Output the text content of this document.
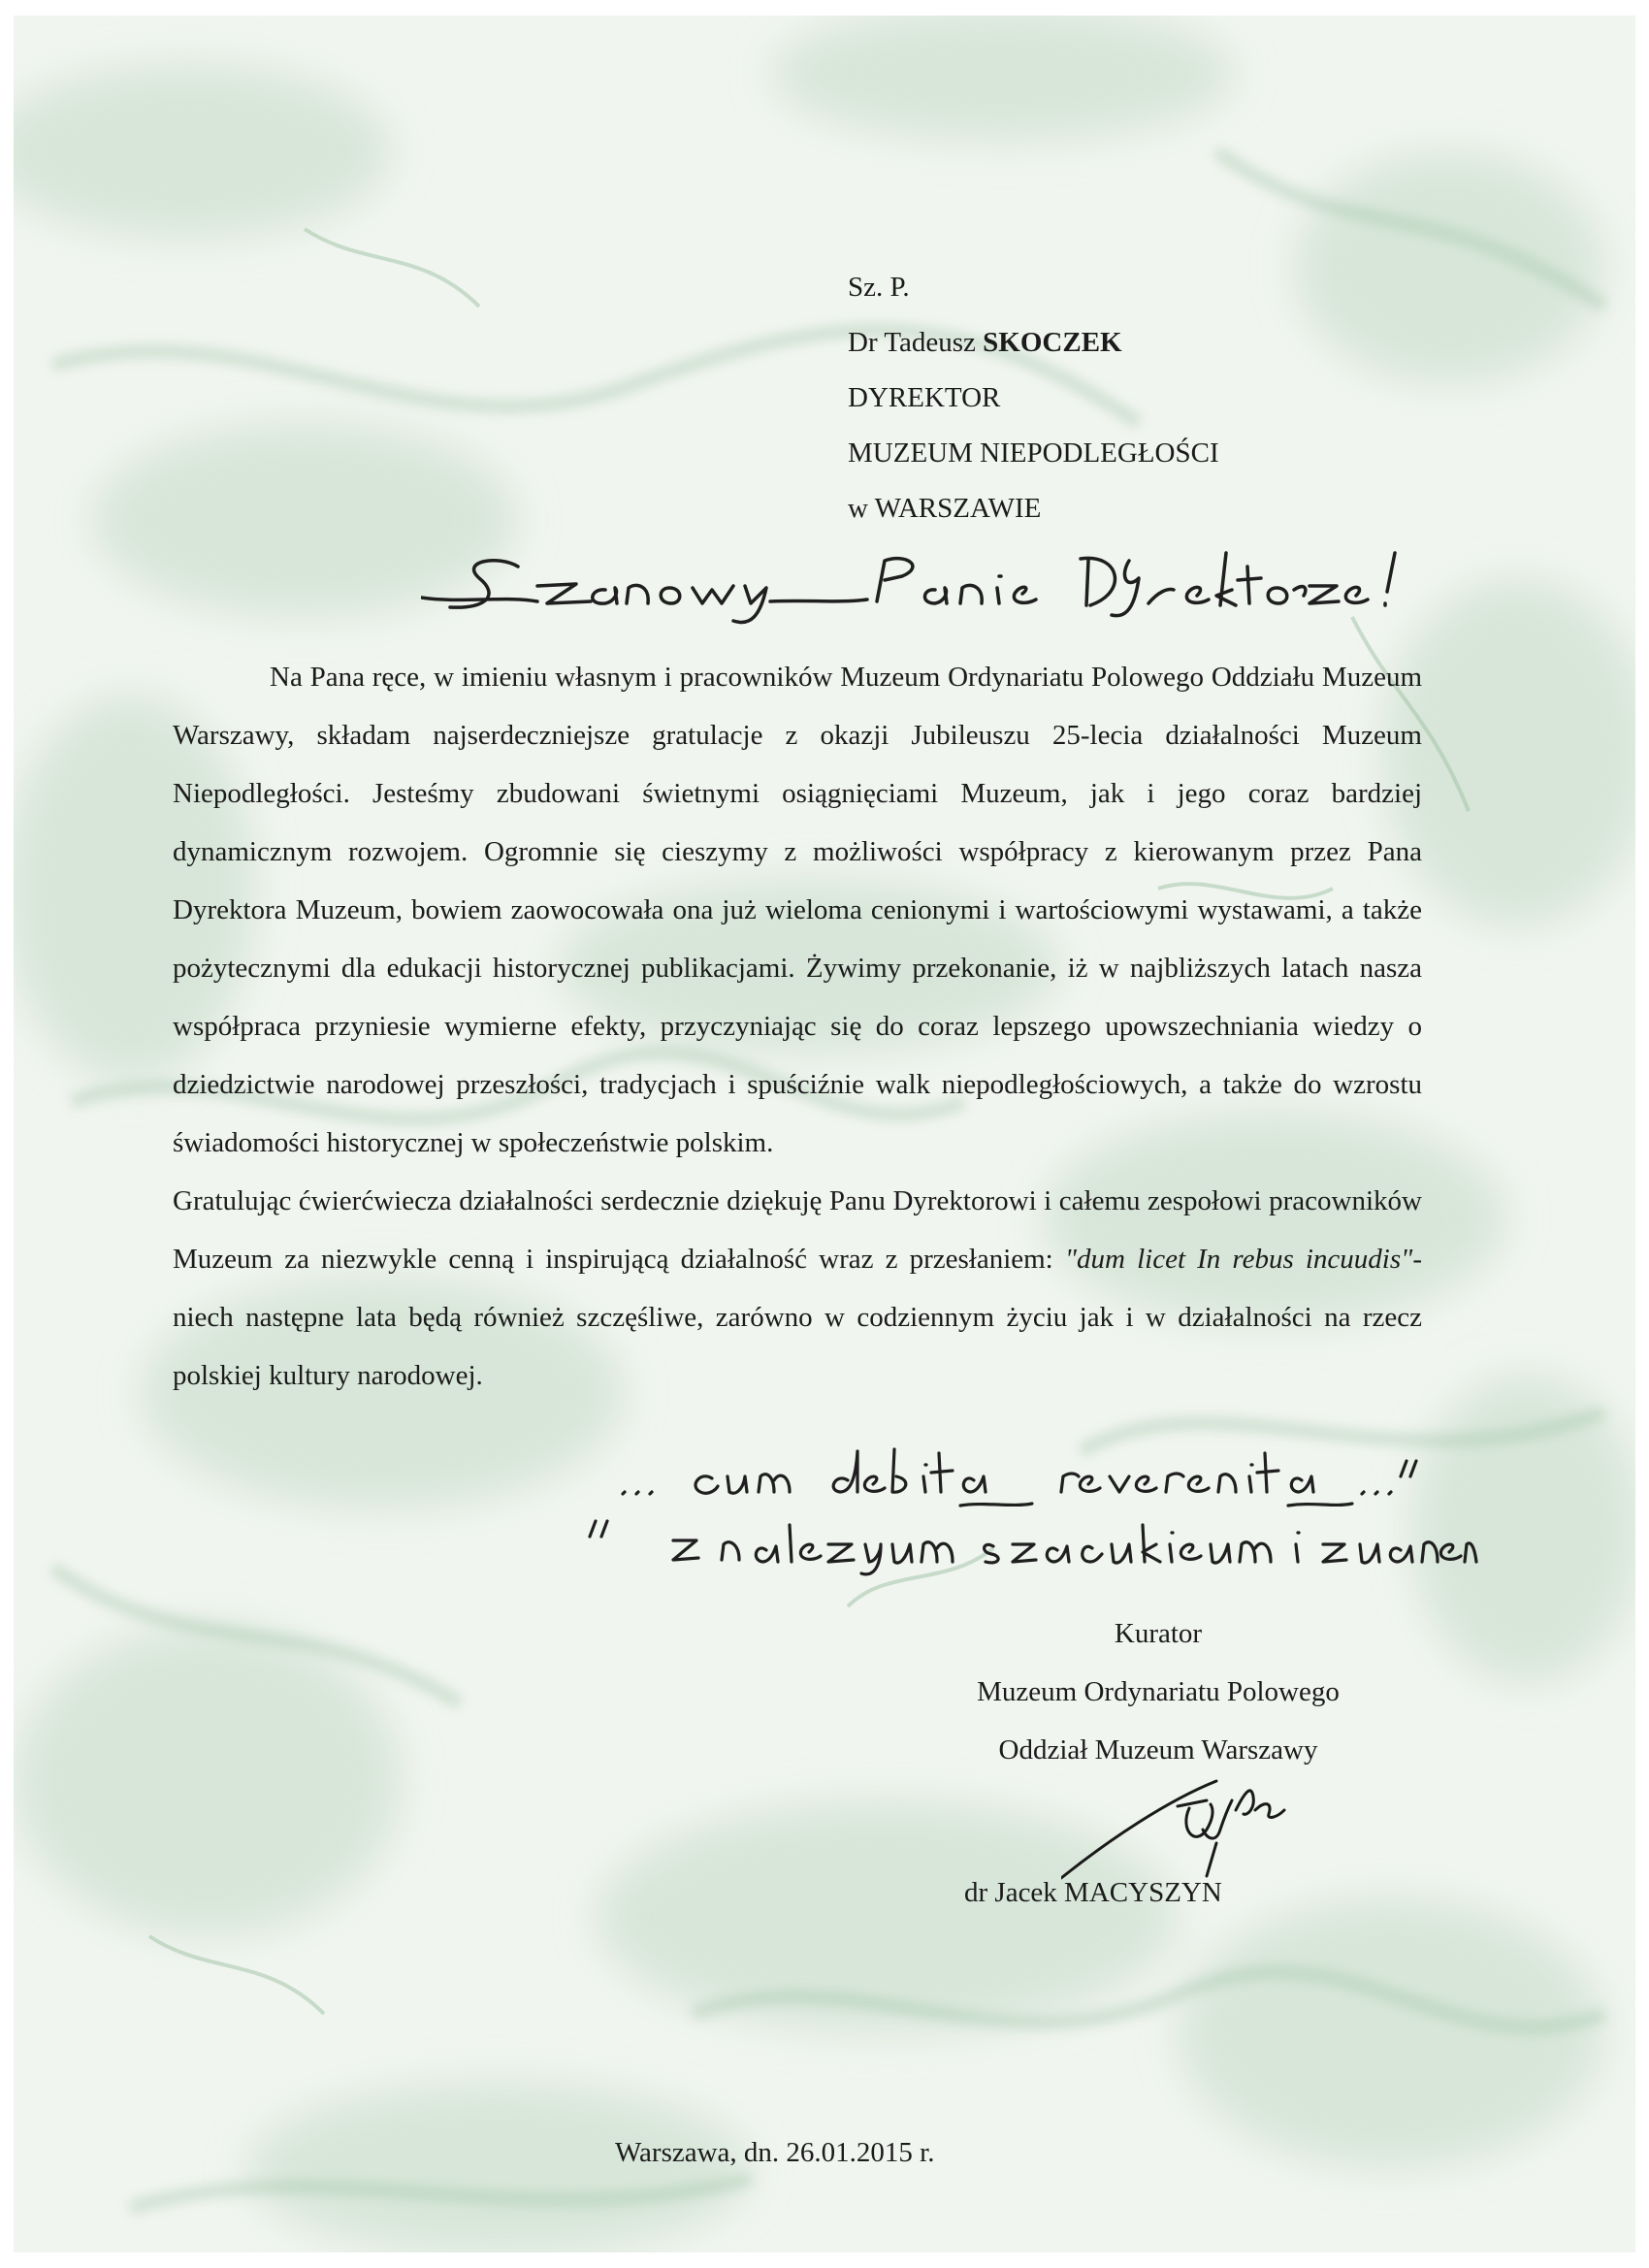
Sz. P.
Dr Tadeusz SKOCZEK
DYREKTOR
MUZEUM NIEPODLEGŁOŚCI
w WARSZAWIE

Na Pana ręce, w imieniu własnym i pracowników Muzeum Ordynariatu Polowego Oddziału Muzeum Warszawy, składam najserdeczniejsze gratulacje z okazji Jubileuszu 25-lecia działalności Muzeum Niepodległości. Jesteśmy zbudowani świetnymi osiągnięciami Muzeum, jak i jego coraz bardziej dynamicznym rozwojem. Ogromnie się cieszymy z możliwości współpracy z kierowanym przez Pana Dyrektora Muzeum, bowiem zaowocowała ona już wieloma cenionymi i wartościowymi wystawami, a także pożytecznymi dla edukacji historycznej publikacjami. Żywimy przekonanie, iż w najbliższych latach nasza współpraca przyniesie wymierne efekty, przyczyniając się do coraz lepszego upowszechniania wiedzy o dziedzictwie narodowej przeszłości, tradycjach i spuściźnie walk niepodległościowych, a także do wzrostu świadomości historycznej w społeczeństwie polskim.

Gratulując ćwierćwiecza działalności serdecznie dziękuję Panu Dyrektorowi i całemu zespołowi pracowników Muzeum za niezwykle cenną i inspirującą działalność wraz z przesłaniem: "dum licet In rebus incuudis"- niech następne lata będą również szczęśliwe, zarówno w codziennym życiu jak i w działalności na rzecz polskiej kultury narodowej.

Kurator
Muzeum Ordynariatu Polowego
Oddział Muzeum Warszawy
dr Jacek MACYSZYN
Warszawa, dn. 26.01.2015 r.
